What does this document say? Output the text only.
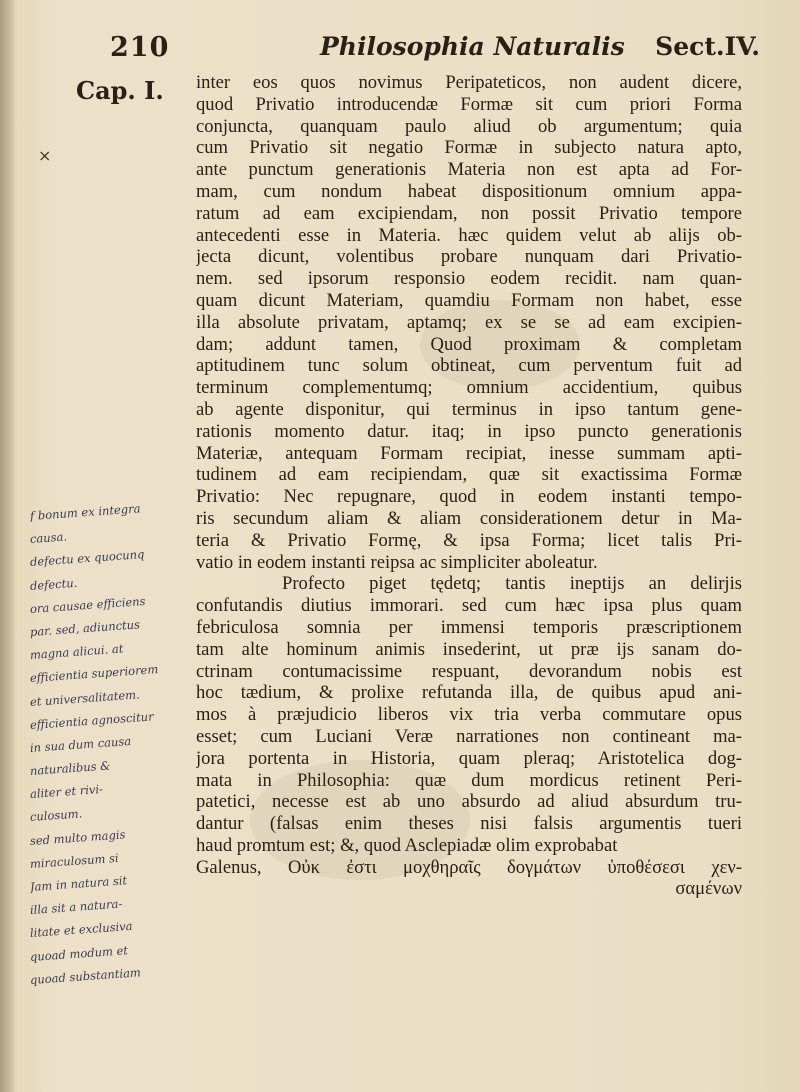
210	Philosophia Naturalis Sect.IV.
Cap. I.
×
inter eos quos novimus Peripateticos, non audent dicere,
quod Privatio introducendæ Formæ sit cum priori Forma
conjuncta, quanquam paulo aliud ob argumentum; quia
cum Privatio sit negatio Formæ in subjecto natura apto,
ante punctum generationis Materia non est apta ad For-
mam, cum nondum habeat dispositionum omnium appa-
ratum ad eam excipiendam, non possit Privatio tempore
antecedenti esse in Materia. hæc quidem velut ab alijs ob-
jecta dicunt, volentibus probare nunquam dari Privatio-
nem. sed ipsorum responsio eodem recidit. nam quan-
quam dicunt Materiam, quamdiu Formam non habet, esse
illa absolute privatam, aptamq; ex se se ad eam excipien-
dam; addunt tamen, Quod proximam & completam
aptitudinem tunc solum obtineat, cum perventum fuit ad
terminum complementumq; omnium accidentium, quibus
ab agente disponitur, qui terminus in ipso tantum gene-
rationis momento datur. itaq; in ipso puncto generationis
Materiæ, antequam Formam recipiat, inesse summam apti-
tudinem ad eam recipiendam, quæ sit exactissima Formæ
Privatio: Nec repugnare, quod in eodem instanti tempo-
ris secundum aliam & aliam considerationem detur in Ma-
teria & Privatio Formę, & ipsa Forma; licet talis Pri-
vatio in eodem instanti reipsa ac simpliciter aboleatur.
Profecto piget tędetq; tantis ineptijs an delirjis
confutandis diutius immorari. sed cum hæc ipsa plus quam
febriculosa somnia per immensi temporis præscriptionem
tam alte hominum animis insederint, ut præ ijs sanam do-
ctrinam contumacissime respuant, devorandum nobis est
hoc tædium, & prolixe refutanda illa, de quibus apud ani-
mos à præjudicio liberos vix tria verba commutare opus
esset; cum Luciani Veræ narrationes non contineant ma-
jora portenta in Historia, quam pleraq; Aristotelica dog-
mata in Philosophia: quæ dum mordicus retinent Peri-
patetici, necesse est ab uno absurdo ad aliud absurdum tru-
dantur (falsas enim theses nisi falsis argumentis tueri
haud promtum est; &, quod Asclepiadæ olim exprobabat
Galenus, Οὐκ ἐστι μοχθηραῖς δογμάτων ὑποθέσεσι χεν-
σαμένων
f bonum ex integra
causa.
defectu ex quocunq
defectu.
ora causae efficiens
par. sed, adiunctus
magna alicui. at
efficientia superiorem
et universalitatem.
efficientia agnoscitur
in sua dum causa
naturalibus &
aliter et rivi-
culosum.
sed multo magis
miraculosum si
Jam in natura sit
illa sit a natura-
litate et exclusiva
quoad modum et
quoad substantiam
